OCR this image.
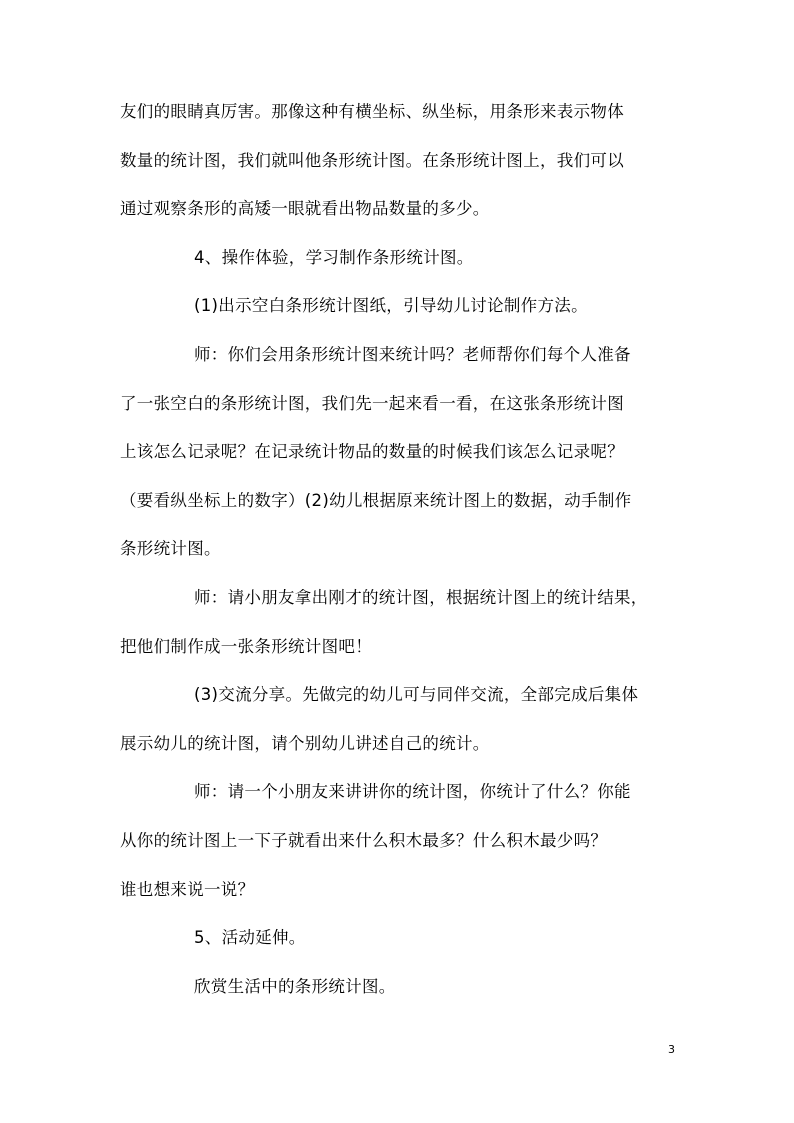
友们的眼睛真厉害。那像这种有横坐标、纵坐标，用条形来表示物体
数量的统计图，我们就叫他条形统计图。在条形统计图上，我们可以
通过观察条形的高矮一眼就看出物品数量的多少。
4、操作体验，学习制作条形统计图。
(1)出示空白条形统计图纸，引导幼儿讨论制作方法。
师：你们会用条形统计图来统计吗？老师帮你们每个人准备
了一张空白的条形统计图，我们先一起来看一看，在这张条形统计图
上该怎么记录呢？在记录统计物品的数量的时候我们该怎么记录呢？
（要看纵坐标上的数字）(2)幼儿根据原来统计图上的数据，动手制作
条形统计图。
师：请小朋友拿出刚才的统计图，根据统计图上的统计结果，
把他们制作成一张条形统计图吧！
(3)交流分享。先做完的幼儿可与同伴交流，全部完成后集体
展示幼儿的统计图，请个别幼儿讲述自己的统计。
师：请一个小朋友来讲讲你的统计图，你统计了什么？你能
从你的统计图上一下子就看出来什么积木最多？什么积木最少吗？
谁也想来说一说？
5、活动延伸。
欣赏生活中的条形统计图。
3
